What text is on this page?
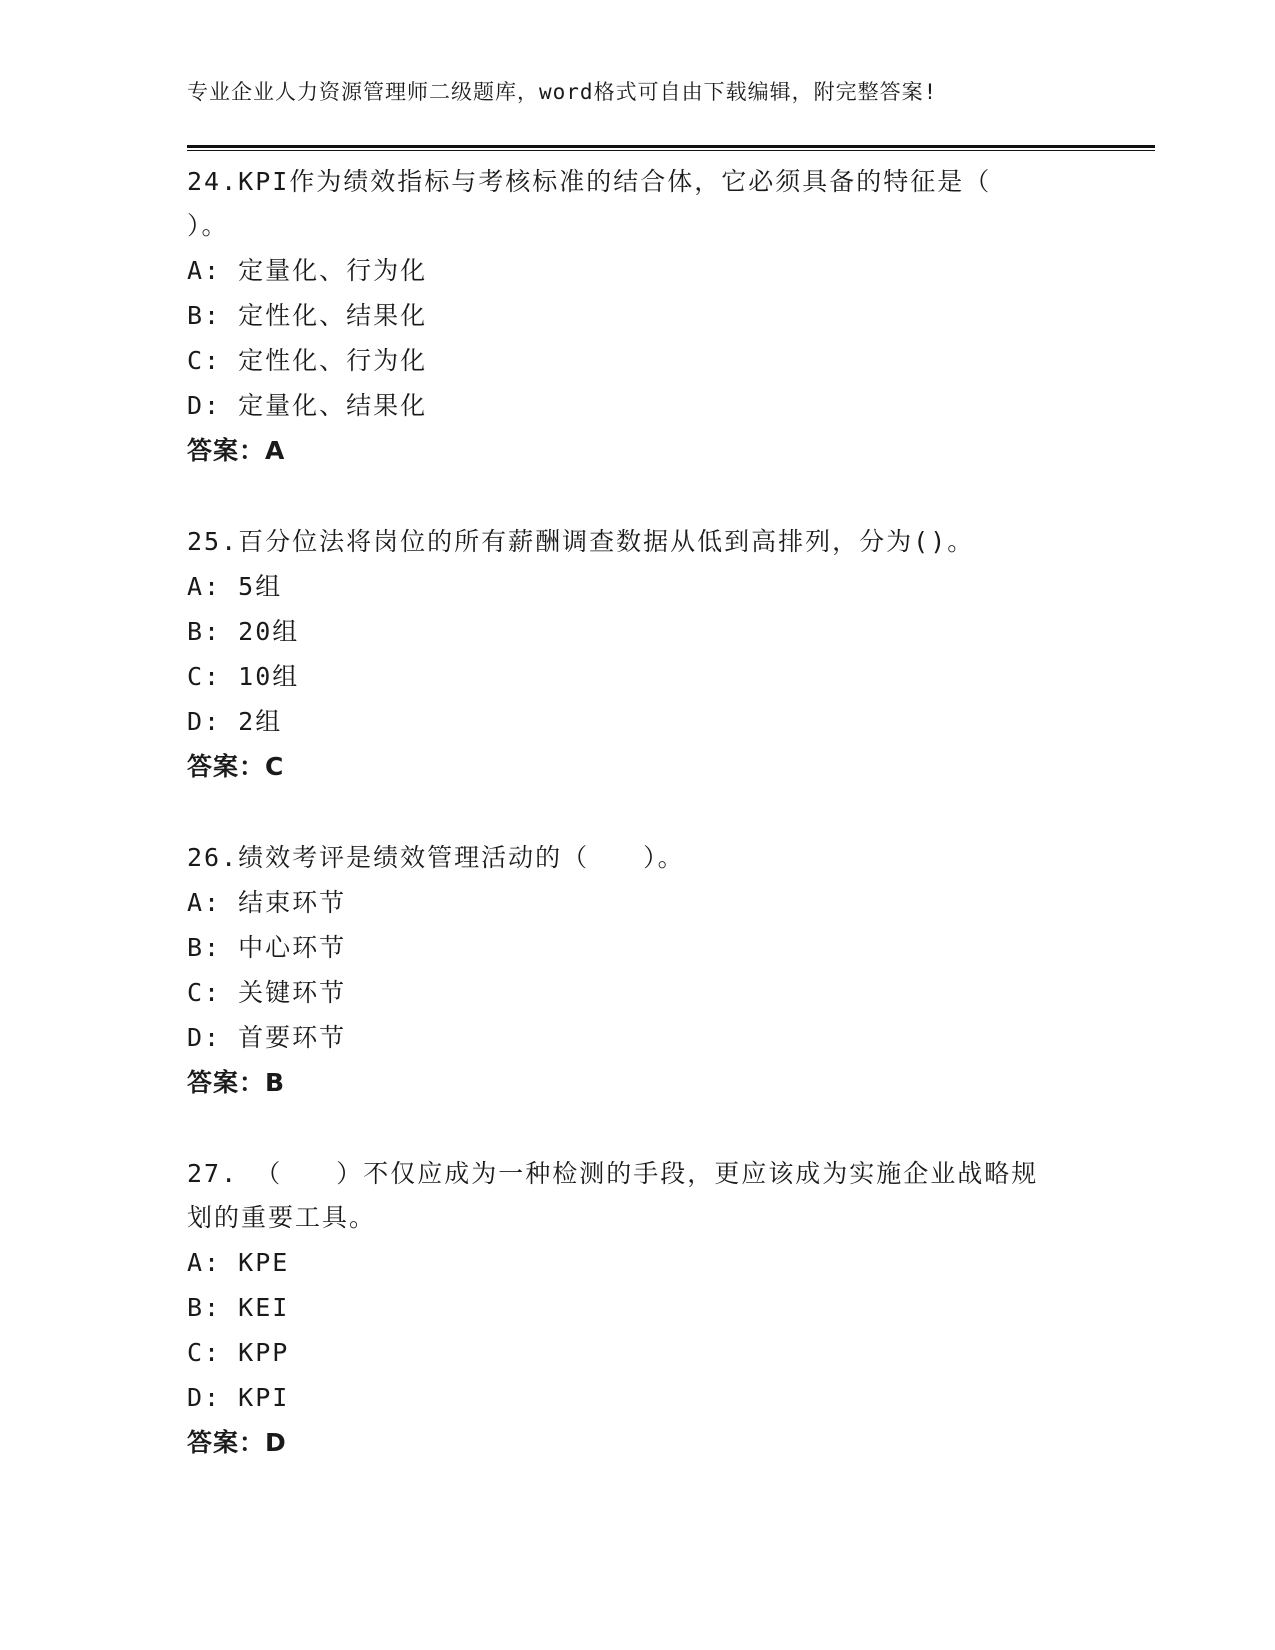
专业企业人力资源管理师二级题库，word格式可自由下载编辑，附完整答案!
24.KPI作为绩效指标与考核标准的结合体，它必须具备的特征是（
）。
A: 定量化、行为化
B: 定性化、结果化
C: 定性化、行为化
D: 定量化、结果化
答案：A
25.百分位法将岗位的所有薪酬调查数据从低到高排列，分为()。
A: 5组
B: 20组
C: 10组
D: 2组
答案：C
26.绩效考评是绩效管理活动的（　　）。
A: 结束环节
B: 中心环节
C: 关键环节
D: 首要环节
答案：B
27. （　　）不仅应成为一种检测的手段，更应该成为实施企业战略规
划的重要工具。
A: KPE
B: KEI
C: KPP
D: KPI
答案：D
